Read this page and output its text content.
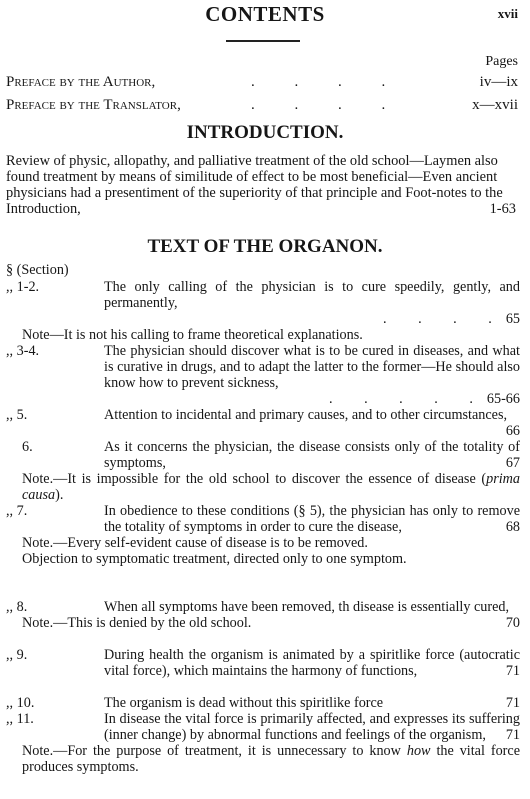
CONTENTS	xvii
Pages
Preface by the Author,	. . . .	iv—ix
Preface by the Translator,	. . . .	x—xvii
INTRODUCTION.
Review of physic, allopathy, and palliative treatment of the old school—Laymen also found treatment by means of similitude of effect to be most beneficial—Even ancient physicians had a presentiment of the superiority of that principle and Foot-notes to the Introduction,	1-63
TEXT OF THE ORGANON.
§ (Section)
,, 1-2.	The only calling of the physician is to cure speedily, gently, and permanently,
. . . .65
Note—It is not his calling to frame theoretical explanations.
,, 3-4.	The physician should discover what is to be cured in diseases, and what is curative in drugs, and to adapt the latter to the former—He should also know how to prevent sickness,
. . . . .65-66
,, 5.	Attention to incidental and primary causes, and to other circumstances,
66
6.	As it concerns the physician, the disease consists only of the totality of symptoms,	67
Note.—It is impossible for the old school to discover the essence of disease (prima causa).
,, 7.	In obedience to these conditions (§ 5), the physician has only to remove the totality of symptoms in order to cure the disease,	68
Note.—Every self-evident cause of disease is to be removed.
Objection to symptomatic treatment, directed only to one symptom.
,, 8.	When all symptoms have been removed, th disease is essentially cured,
70
Note.—This is denied by the old school.
,, 9.	During health the organism is animated by a spiritlike force (autocratic vital force), which maintains the harmony of functions,	71
,, 10.	The organism is dead without this spiritlike force	71
,, 11.	In disease the vital force is primarily affected, and expresses its suffering (inner change) by abnormal functions and feelings of the organism, 71
Note.—For the purpose of treatment, it is unnecessary to know how the vital force produces symptoms.
